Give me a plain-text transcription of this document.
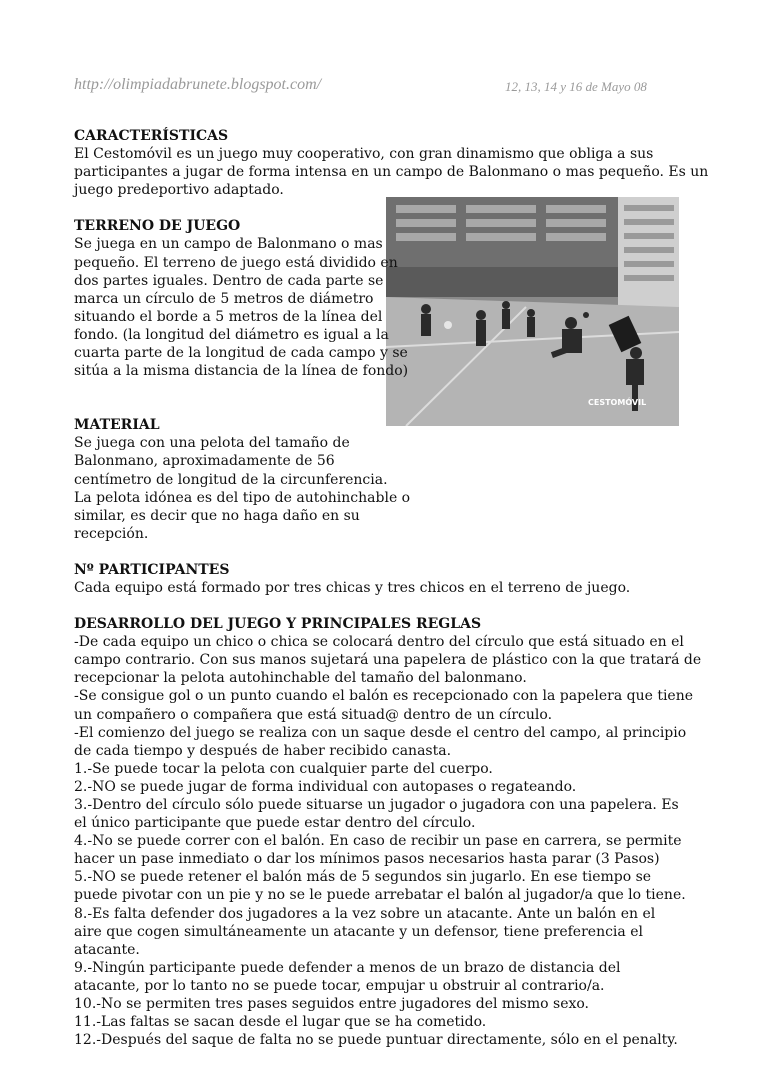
http://olimpiadabrunete.blogspot.com/	12, 13, 14 y 16 de Mayo 08
CESTOMÓVIL
CARACTERÍSTICAS
El Cestomóvil es un juego muy cooperativo, con gran dinamismo que obliga a sus
participantes a jugar de forma intensa en un campo de Balonmano o mas pequeño. Es un
juego predeportivo adaptado.
TERRENO DE JUEGO
Se juega en un campo de Balonmano o mas
pequeño. El terreno de juego está dividido en
dos partes iguales. Dentro de cada parte se
marca un círculo de 5 metros de diámetro
situando el borde a 5 metros de la línea del
fondo. (la longitud del diámetro es igual a la
cuarta parte de la longitud de cada campo y se
sitúa a la misma distancia de la línea de fondo)
MATERIAL
Se juega con una pelota del tamaño de
Balonmano, aproximadamente de 56
centímetro de longitud de la circunferencia.
La pelota idónea es del tipo de autohinchable o
similar, es decir que no haga daño en su
recepción.
Nº PARTICIPANTES
Cada equipo está formado por tres chicas y tres chicos en el terreno de juego.
DESARROLLO DEL JUEGO Y PRINCIPALES REGLAS
-De cada equipo un chico o chica se colocará dentro del círculo que está situado en el
campo contrario. Con sus manos sujetará una papelera de plástico con la que tratará de
recepcionar la pelota autohinchable del tamaño del balonmano.
-Se consigue gol o un punto cuando el balón es recepcionado con la papelera que tiene
un compañero o compañera que está situad@ dentro de un círculo.
-El comienzo del juego se realiza con un saque desde el centro del campo, al principio
de cada tiempo y después de haber recibido canasta.
1.-Se puede tocar la pelota con cualquier parte del cuerpo.
2.-NO se puede jugar de forma individual con autopases o regateando.
3.-Dentro del círculo sólo puede situarse un jugador o jugadora con una papelera. Es
el único participante que puede estar dentro del círculo.
4.-No se puede correr con el balón. En caso de recibir un pase en carrera, se permite
hacer un pase inmediato o dar los mínimos pasos necesarios hasta parar (3 Pasos)
5.-NO se puede retener el balón más de 5 segundos sin jugarlo. En ese tiempo se
puede pivotar con un pie y no se le puede arrebatar el balón al jugador/a que lo tiene.
8.-Es falta defender dos jugadores a la vez sobre un atacante. Ante un balón en el
aire que cogen simultáneamente un atacante y un defensor, tiene preferencia el
atacante.
9.-Ningún participante puede defender a menos de un brazo de distancia del
atacante, por lo tanto no se puede tocar, empujar u obstruir al contrario/a.
10.-No se permiten tres pases seguidos entre jugadores del mismo sexo.
11.-Las faltas se sacan desde el lugar que se ha cometido.
12.-Después del saque de falta no se puede puntuar directamente, sólo en el penalty.
